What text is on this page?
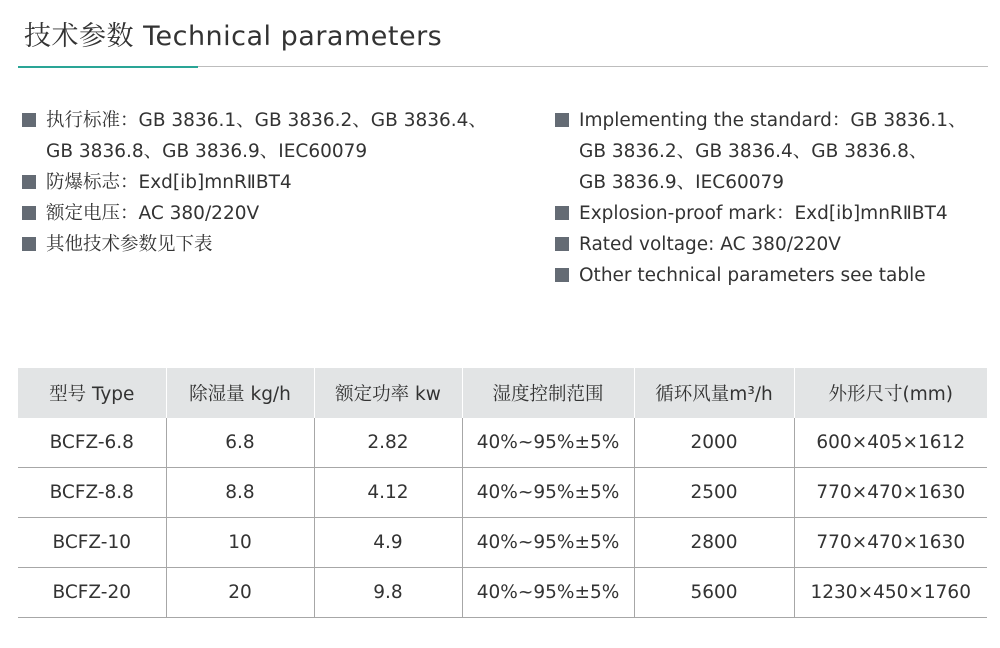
技术参数 Technical parameters
执行标准：GB 3836.1、GB 3836.2、GB 3836.4、
GB 3836.8、GB 3836.9、IEC60079
防爆标志：Exd[ib]mnRⅡBT4
额定电压：AC 380/220V
其他技术参数见下表
Implementing the standard：GB 3836.1、
GB 3836.2、GB 3836.4、GB 3836.8、
GB 3836.9、IEC60079
Explosion-proof mark：Exd[ib]mnRⅡBT4
Rated voltage: AC 380/220V
Other technical parameters see table
型号 Type	除湿量 kg/h	额定功率 kw	湿度控制范围	循环风量m³/h	外形尺寸(mm)
BCFZ-6.8	6.8	2.82	40%~95%±5%	2000	600×405×1612
BCFZ-8.8	8.8	4.12	40%~95%±5%	2500	770×470×1630
BCFZ-10	10	4.9	40%~95%±5%	2800	770×470×1630
BCFZ-20	20	9.8	40%~95%±5%	5600	1230×450×1760
